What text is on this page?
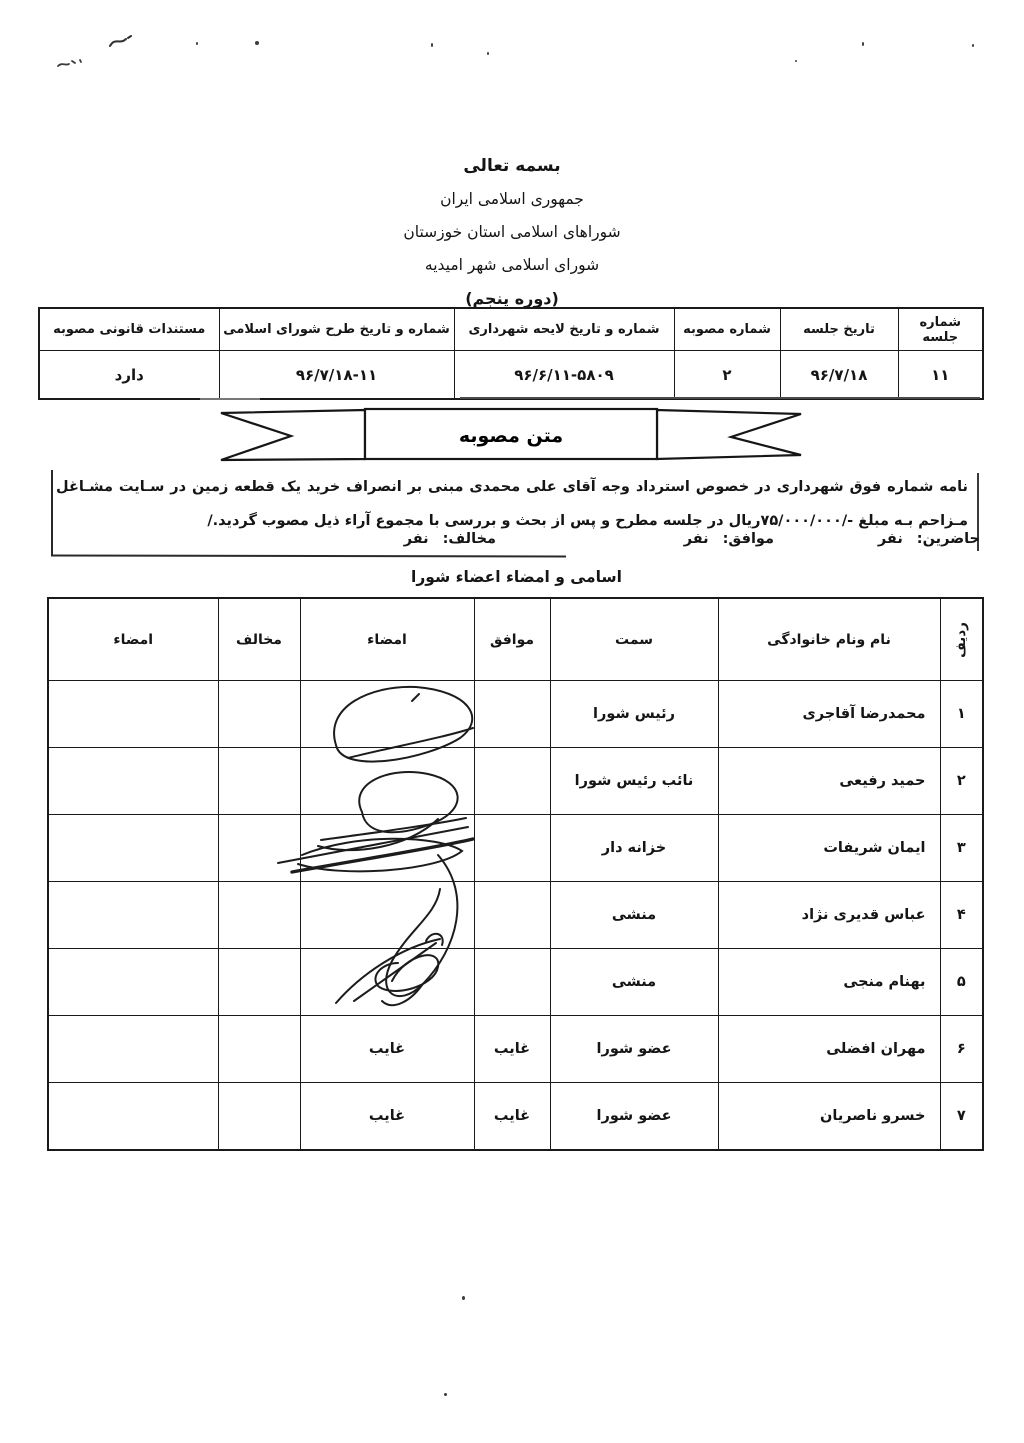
بسمه تعالی
جمهوری اسلامی ایران
شوراهای اسلامی استان خوزستان
شورای اسلامی شهر امیدیه
(دوره پنجم)
شماره جلسه	تاریخ جلسه	شماره مصوبه	شماره و تاریخ لایحه شهرداری	شماره و تاریخ طرح شورای اسلامی	مستندات قانونی مصوبه
۱۱	۹۶/۷/۱۸	۲	۹۶/۶/۱۱-۵۸۰۹	۹۶/۷/۱۸-۱۱	دارد
متن مصوبه
نامه شماره فوق شهرداری در خصوص استرداد وجه آقای علی محمدی مبنی بر انصراف خرید یک قطعه زمین در سـایت مشـاغل مـزاحم بـه مبلغ -/۷۵/۰۰۰/۰۰۰ریال در جلسه مطرح و پس از بحث و بررسی با مجموع آراء ذیل مصوب گردید./
حاضرین:نفر
موافق:نفر
مخالف:نفر
اسامی و امضاء اعضاء شورا
ردیف	نام ونام خانوادگی	سمت	موافق	امضاء	مخالف	امضاء
۱	محمدرضا آقاجری	رئیس شورا				
۲	حمید رفیعی	نائب رئیس شورا				
۳	ایمان شریفات	خزانه دار				
۴	عباس قدیری نژاد	منشی				
۵	بهنام منجی	منشی				
۶	مهران افضلی	عضو شورا	غایب	غایب		
۷	خسرو ناصریان	عضو شورا	غایب	غایب		
